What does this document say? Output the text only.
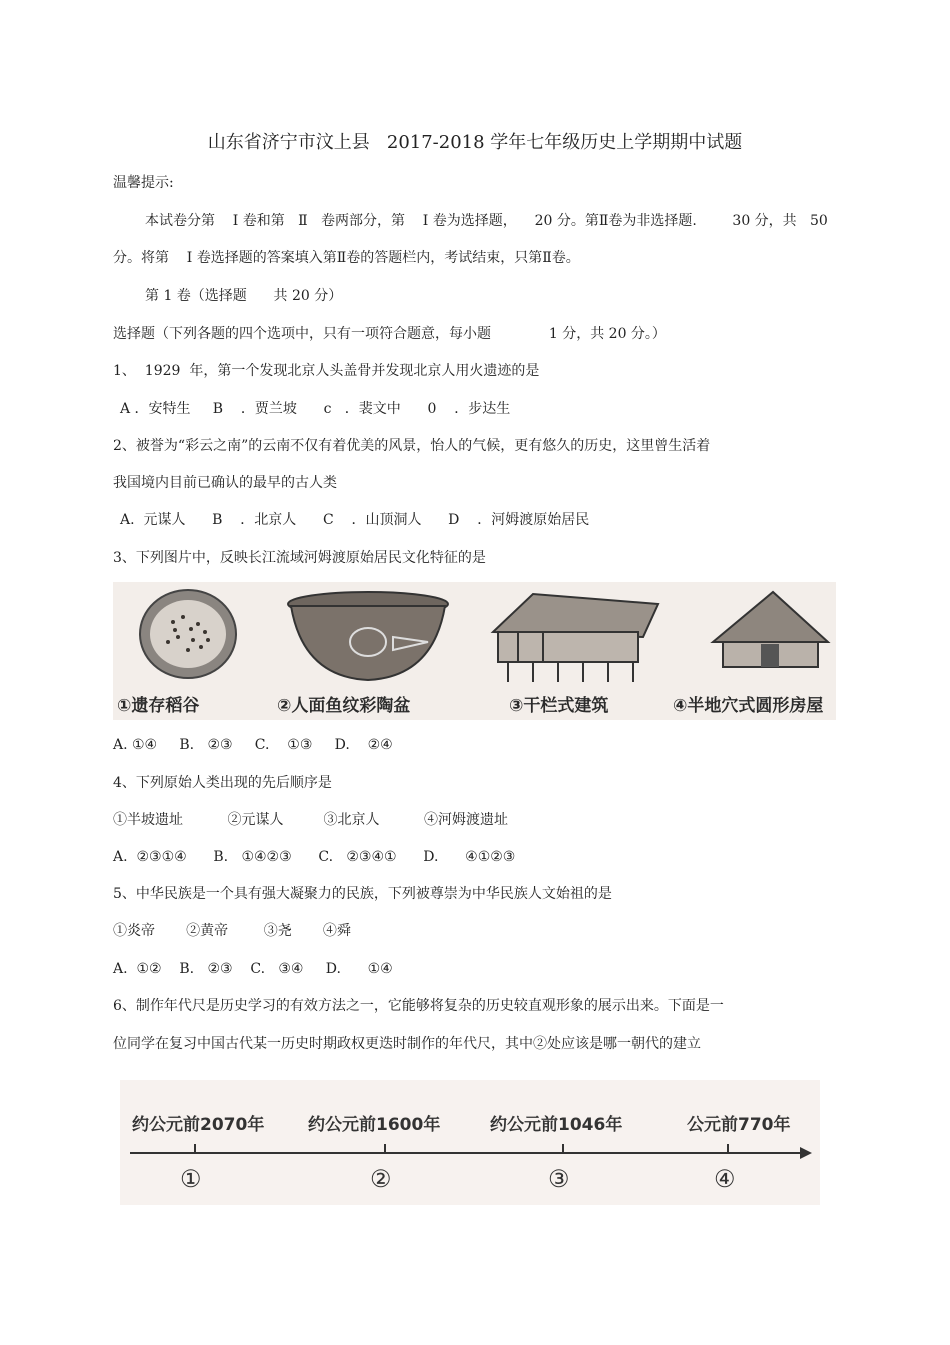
山东省济宁市汶上县   2017-2018 学年七年级历史上学期期中试题
温馨提示:
本试卷分第    Ⅰ 卷和第   Ⅱ   卷两部分，第    Ⅰ 卷为选择题，    20 分。第Ⅱ卷为非选择题.        30 分，共   50
分。将第    Ⅰ 卷选择题的答案填入第Ⅱ卷的答题栏内，考试结束，只第Ⅱ卷。
第 1 卷（选择题      共 20 分）
选择题（下列各题的四个选项中，只有一项符合题意，每小题             1 分，共 20 分。）
1、  1929  年，第一个发现北京人头盖骨并发现北京人用火遗迹的是
A ．安特生     B    ．贾兰坡      c   ．裴文中      0    ．步达生
2、被誉为“彩云之南”的云南不仅有着优美的风景，怡人的气候，更有悠久的历史，这里曾生活着
我国境内目前已确认的最早的古人类
A.  元谋人      B    ．北京人      C    ．山顶洞人      D    ．河姆渡原始居民
3、下列图片中，反映长江流域河姆渡原始居民文化特征的是
①遗存稻谷	②人面鱼纹彩陶盆	③干栏式建筑	④半地穴式圆形房屋
A. ①④     B.   ②③     C.    ①③     D.    ②④
4、下列原始人类出现的先后顺序是
①半坡遗址          ②元谋人         ③北京人          ④河姆渡遗址
A.  ②③①④      B.   ①④②③      C.   ②③④①      D.      ④①②③
5、中华民族是一个具有强大凝聚力的民族，下列被尊崇为中华民族人文始祖的是
①炎帝       ②黄帝        ③尧       ④舜
A.  ①②    B.   ②③    C.   ③④     D.      ①④
6、制作年代尺是历史学习的有效方法之一，它能够将复杂的历史较直观形象的展示出来。下面是一
位同学在复习中国古代某一历史时期政权更迭时制作的年代尺，其中②处应该是哪一朝代的建立
约公元前2070年	约公元前1600年	约公元前1046年	公元前770年
①	②	③	④
